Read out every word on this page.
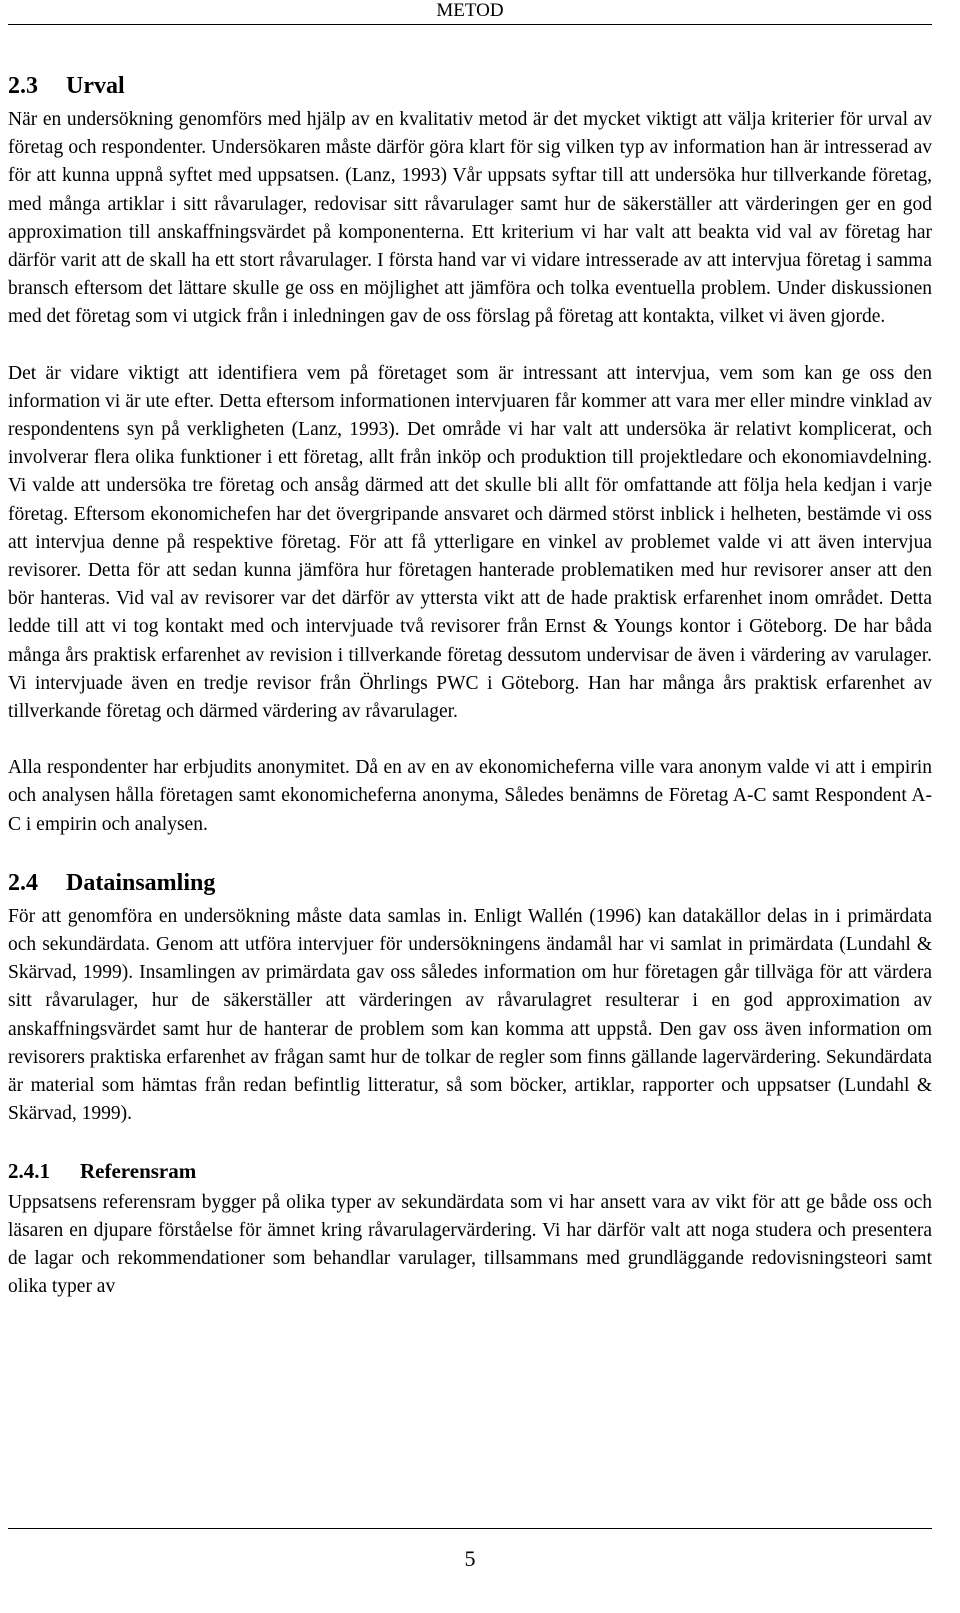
METOD
2.3	Urval

När en undersökning genomförs med hjälp av en kvalitativ metod är det mycket viktigt att välja kriterier för urval av företag och respondenter. Undersökaren måste därför göra klart för sig vilken typ av information han är intresserad av för att kunna uppnå syftet med uppsatsen. (Lanz, 1993) Vår uppsats syftar till att undersöka hur tillverkande företag, med många artiklar i sitt råvarulager, redovisar sitt råvarulager samt hur de säkerställer att värderingen ger en god approximation till anskaffningsvärdet på komponenterna. Ett kriterium vi har valt att beakta vid val av företag har därför varit att de skall ha ett stort råvarulager. I första hand var vi vidare intresserade av att intervjua företag i samma bransch eftersom det lättare skulle ge oss en möjlighet att jämföra och tolka eventuella problem. Under diskussionen med det företag som vi utgick från i inledningen gav de oss förslag på företag att kontakta, vilket vi även gjorde.

Det är vidare viktigt att identifiera vem på företaget som är intressant att intervjua, vem som kan ge oss den information vi är ute efter. Detta eftersom informationen intervjuaren får kommer att vara mer eller mindre vinklad av respondentens syn på verkligheten (Lanz, 1993). Det område vi har valt att undersöka är relativt komplicerat, och involverar flera olika funktioner i ett företag, allt från inköp och produktion till projektledare och ekonomiavdelning. Vi valde att undersöka tre företag och ansåg därmed att det skulle bli allt för omfattande att följa hela kedjan i varje företag. Eftersom ekonomichefen har det övergripande ansvaret och därmed störst inblick i helheten, bestämde vi oss att intervjua denne på respektive företag. För att få ytterligare en vinkel av problemet valde vi att även intervjua revisorer. Detta för att sedan kunna jämföra hur företagen hanterade problematiken med hur revisorer anser att den bör hanteras. Vid val av revisorer var det därför av yttersta vikt att de hade praktisk erfarenhet inom området. Detta ledde till att vi tog kontakt med och intervjuade två revisorer från Ernst & Youngs kontor i Göteborg. De har båda många års praktisk erfarenhet av revision i tillverkande företag dessutom undervisar de även i värdering av varulager. Vi intervjuade även en tredje revisor från Öhrlings PWC i Göteborg. Han har många års praktisk erfarenhet av tillverkande företag och därmed värdering av råvarulager.

Alla respondenter har erbjudits anonymitet. Då en av en av ekonomicheferna ville vara anonym valde vi att i empirin och analysen hålla företagen samt ekonomicheferna anonyma, Således benämns de Företag A-C samt Respondent A-C i empirin och analysen.

2.4	Datainsamling

För att genomföra en undersökning måste data samlas in. Enligt Wallén (1996) kan datakällor delas in i primärdata och sekundärdata. Genom att utföra intervjuer för undersökningens ändamål har vi samlat in primärdata (Lundahl & Skärvad, 1999). Insamlingen av primärdata gav oss således information om hur företagen går tillväga för att värdera sitt råvarulager, hur de säkerställer att värderingen av råvarulagret resulterar i en god approximation av anskaffningsvärdet samt hur de hanterar de problem som kan komma att uppstå. Den gav oss även information om revisorers praktiska erfarenhet av frågan samt hur de tolkar de regler som finns gällande lagervärdering. Sekundärdata är material som hämtas från redan befintlig litteratur, så som böcker, artiklar, rapporter och uppsatser (Lundahl & Skärvad, 1999).

2.4.1	Referensram

Uppsatsens referensram bygger på olika typer av sekundärdata som vi har ansett vara av vikt för att ge både oss och läsaren en djupare förståelse för ämnet kring råvarulagervärdering. Vi har därför valt att noga studera och presentera de lagar och rekommendationer som behandlar varulager, tillsammans med grundläggande redovisningsteori samt olika typer av

5
